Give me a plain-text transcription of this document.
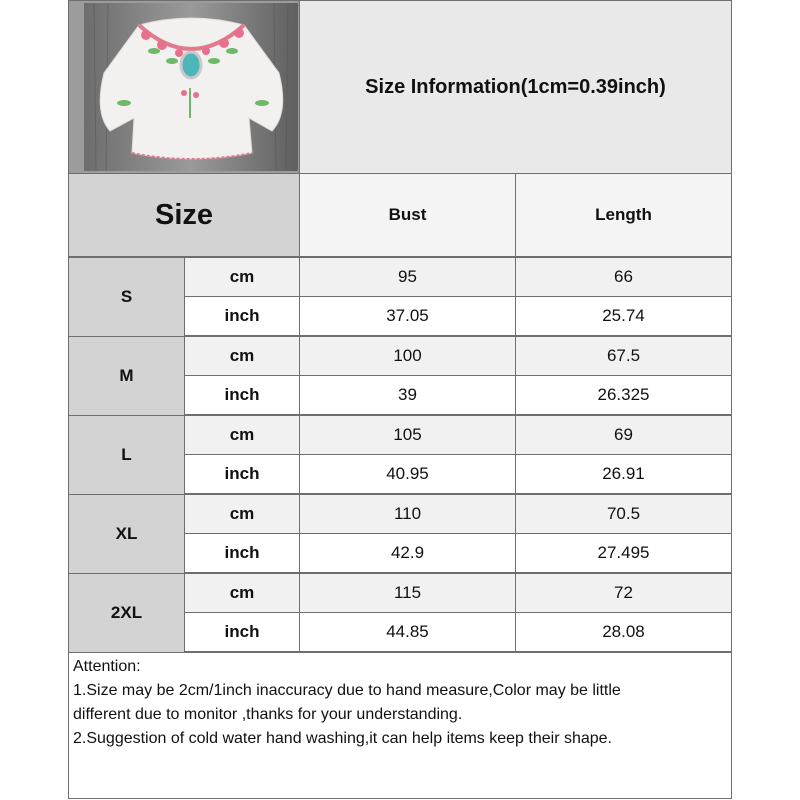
Size Information(1cm=0.39inch)
Size	Bust	Length
S
cm	95	66
inch	37.05	25.74
M
cm	100	67.5
inch	39	26.325
L
cm	105	69
inch	40.95	26.91
XL
cm	110	70.5
inch	42.9	27.495
2XL
cm	115	72
inch	44.85	28.08
Attention:
1.Size may be 2cm/1inch inaccuracy due to hand measure,Color may be little
different due to monitor ,thanks for your understanding.
2.Suggestion of cold water hand washing,it can help items keep their shape.
